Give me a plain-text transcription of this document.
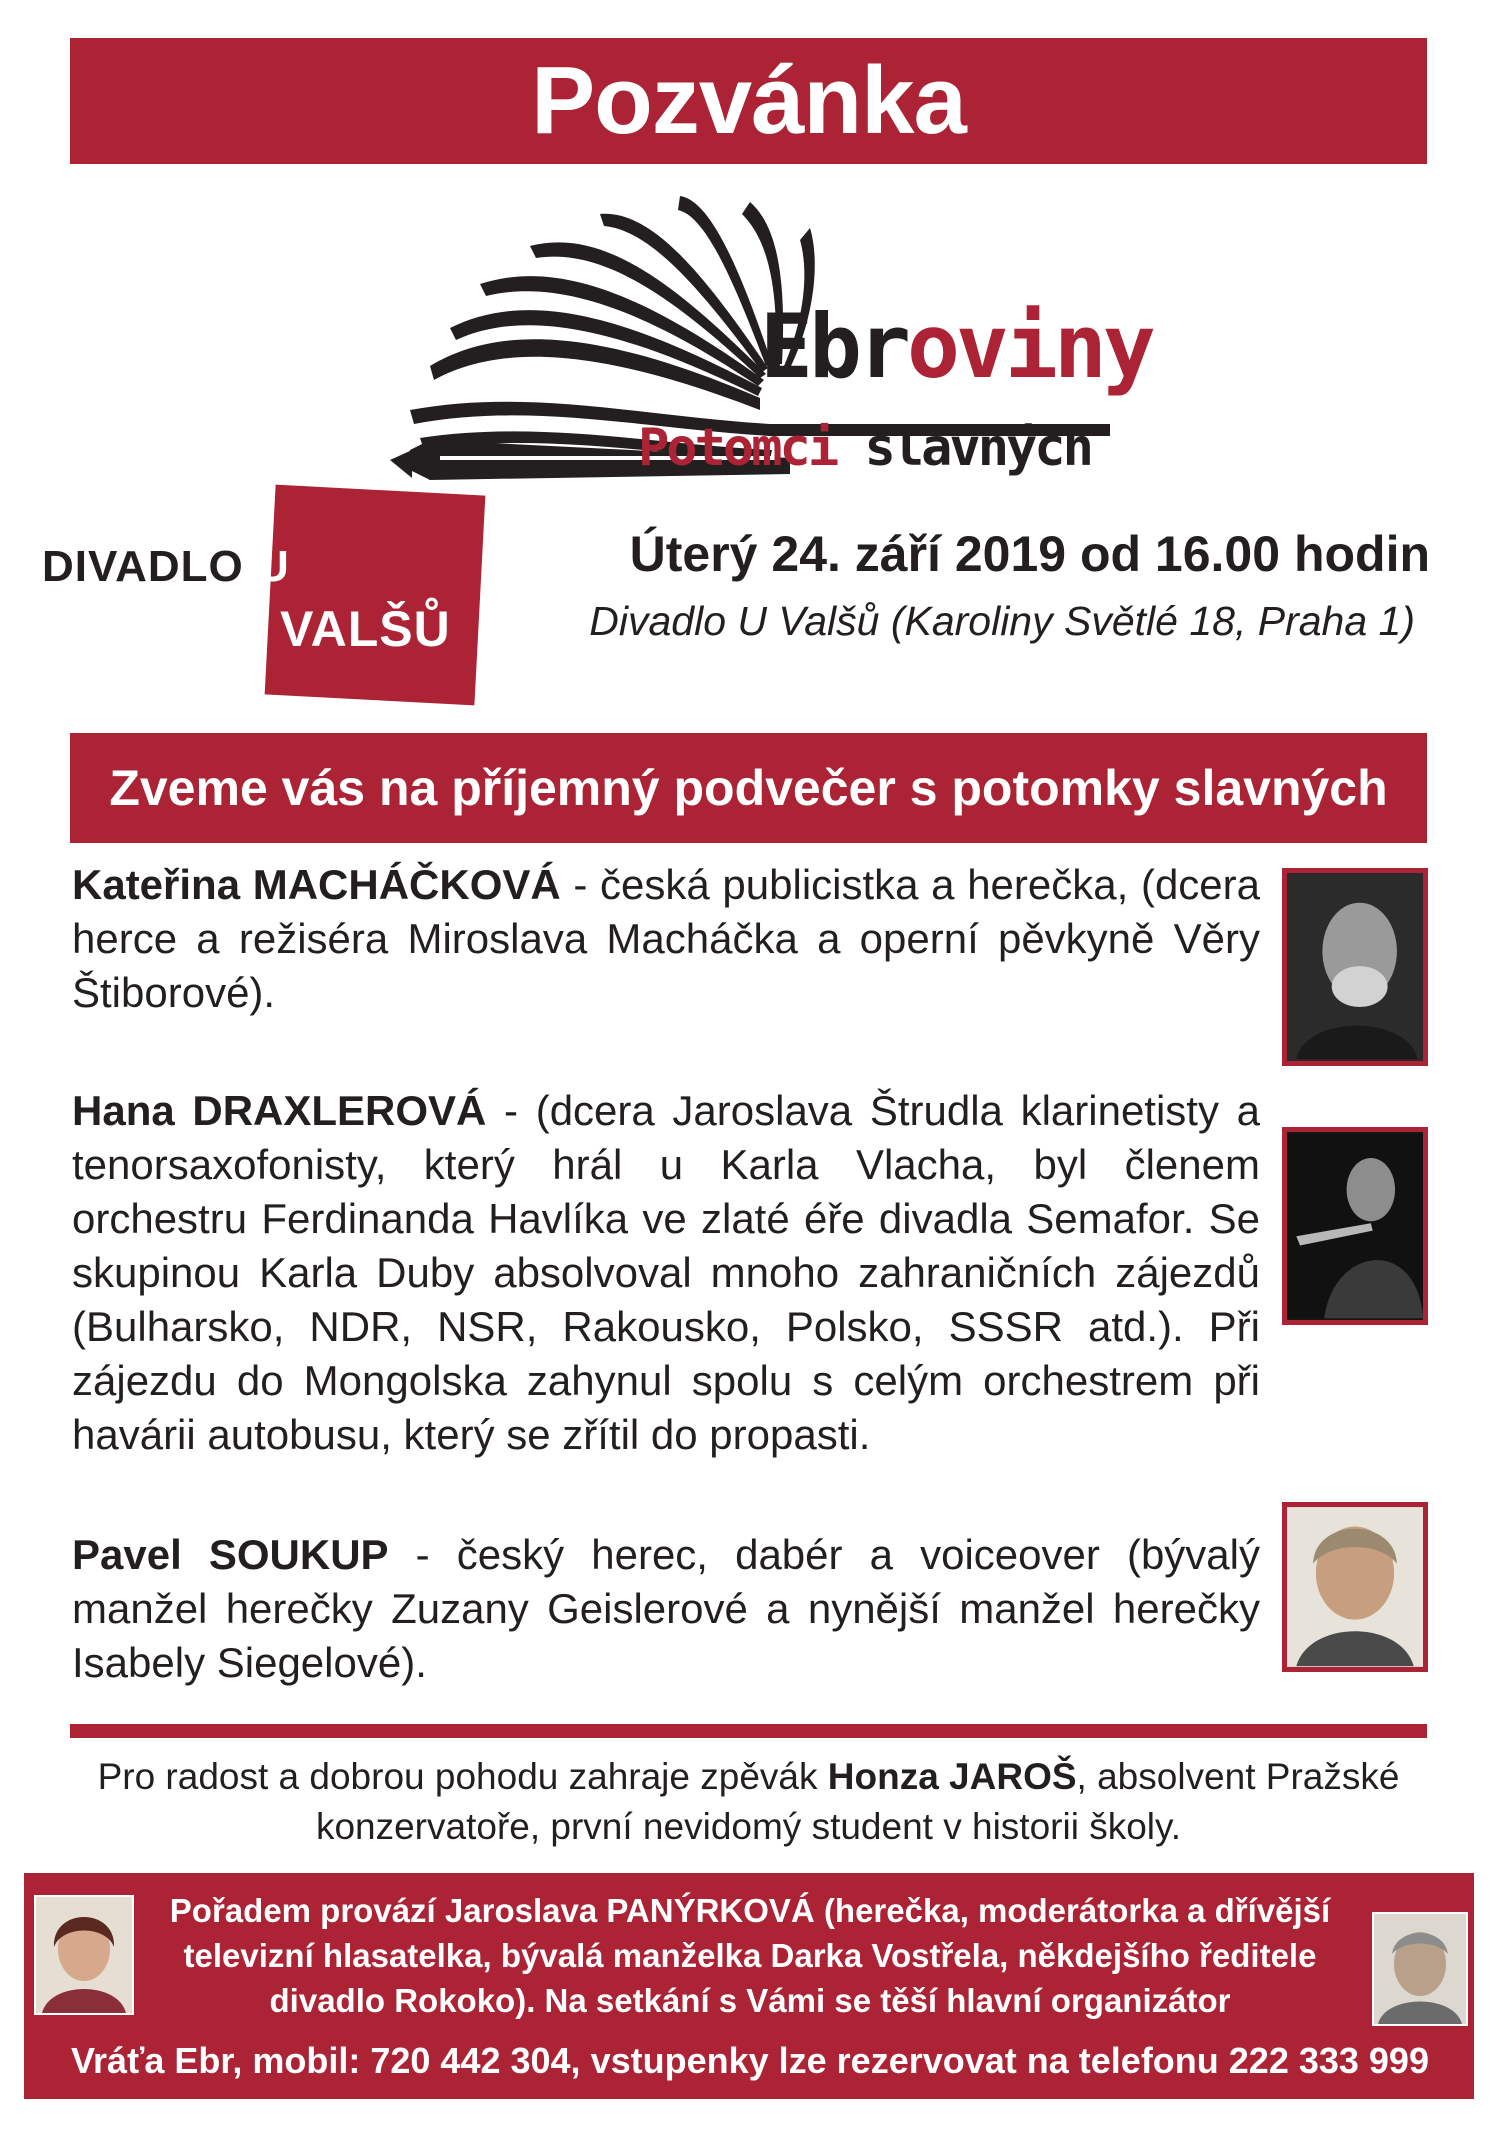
Pozvánka
Ebroviny
Potomci slavných
DIVADLO U
VALŠŮ
Úterý 24. září 2019 od 16.00 hodin
Divadlo U Valšů (Karoliny Světlé 18, Praha 1)
Zveme vás na příjemný podvečer s potomky slavných
Kateřina MACHÁČKOVÁ - česká publicistka a herečka, (dcera herce a režiséra Miroslava Macháčka a operní pěvkyně Věry Štiborové).
Hana DRAXLEROVÁ - (dcera Jaroslava Štrudla klarinetisty a tenorsaxofonisty, který hrál u Karla Vlacha, byl členem orchestru Ferdinanda Havlíka ve zlaté éře divadla Semafor. Se skupinou Karla Duby absolvoval mnoho zahraničních zájezdů (Bulharsko, NDR, NSR, Rakousko, Polsko, SSSR atd.). Při zájezdu do Mongolska zahynul spolu s celým orchestrem při havárii autobusu, který se zřítil do propasti.
Pavel SOUKUP - český herec, dabér a voiceover (bývalý manžel herečky Zuzany Geislerové a nynější manžel herečky Isabely Siegelové).
Pro radost a dobrou pohodu zahraje zpěvák Honza JAROŠ, absolvent Pražské konzervatoře, první nevidomý student v historii školy.
Pořadem provází Jaroslava PANÝRKOVÁ (herečka, moderátorka a dřívější televizní hlasatelka, bývalá manželka Darka Vostřela, někdejšího ředitele divadlo Rokoko). Na setkání s Vámi se těší hlavní organizátor
Vráťa Ebr, mobil: 720 442 304, vstupenky lze rezervovat na telefonu 222 333 999
